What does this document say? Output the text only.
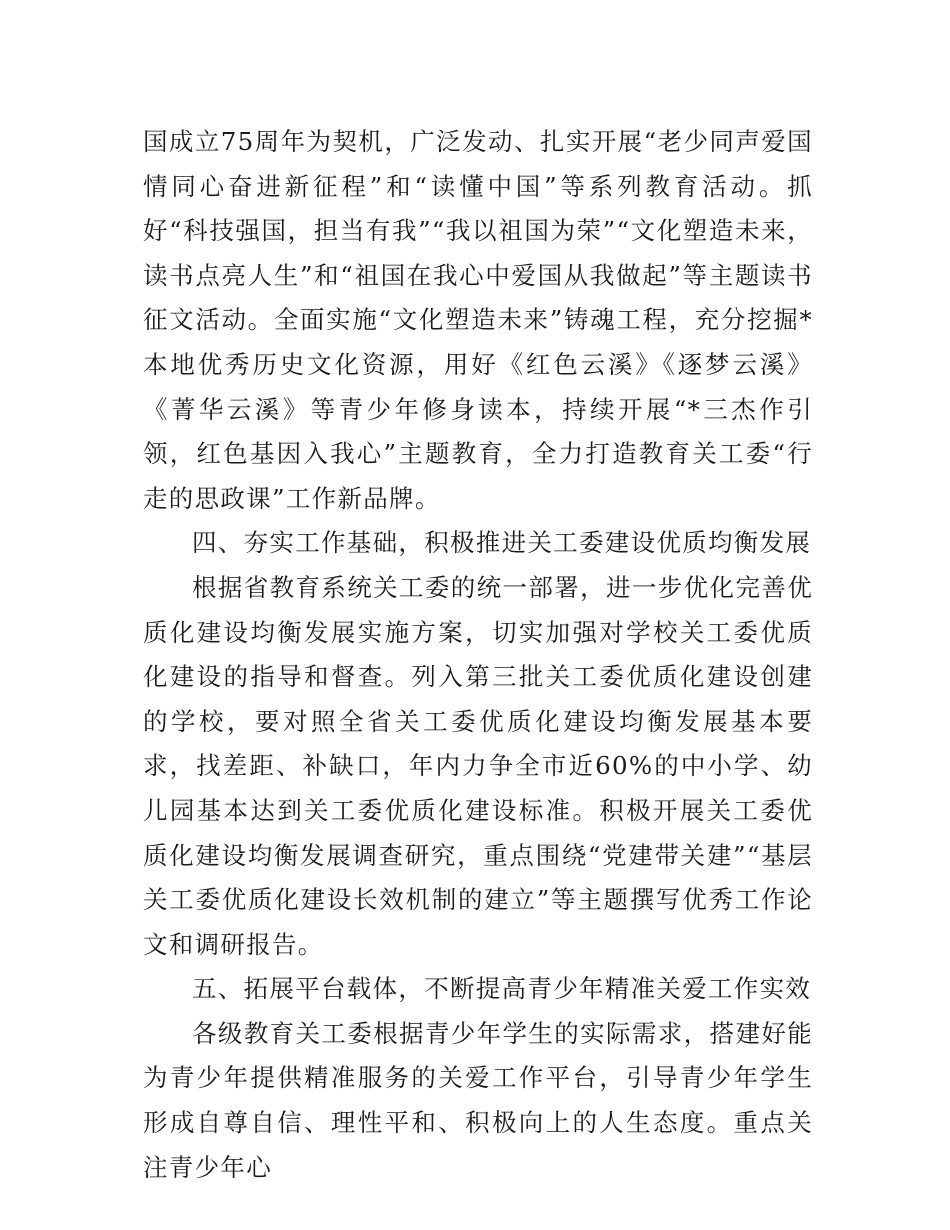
国成立75周年为契机，广泛发动、扎实开展“老少同声爱国情同心奋进新征程”和“读懂中国”等系列教育活动。抓好“科技强国，担当有我”“我以祖国为荣”“文化塑造未来，读书点亮人生”和“祖国在我心中爱国从我做起”等主题读书征文活动。全面实施“文化塑造未来”铸魂工程，充分挖掘*本地优秀历史文化资源，用好《红色云溪》《逐梦云溪》《菁华云溪》等青少年修身读本，持续开展“*三杰作引领，红色基因入我心”主题教育，全力打造教育关工委“行走的思政课”工作新品牌。

四、夯实工作基础，积极推进关工委建设优质均衡发展

根据省教育系统关工委的统一部署，进一步优化完善优质化建设均衡发展实施方案，切实加强对学校关工委优质化建设的指导和督查。列入第三批关工委优质化建设创建的学校，要对照全省关工委优质化建设均衡发展基本要求，找差距、补缺口，年内力争全市近60%的中小学、幼儿园基本达到关工委优质化建设标准。积极开展关工委优质化建设均衡发展调查研究，重点围绕“党建带关建”“基层关工委优质化建设长效机制的建立”等主题撰写优秀工作论文和调研报告。

五、拓展平台载体，不断提高青少年精准关爱工作实效

各级教育关工委根据青少年学生的实际需求，搭建好能为青少年提供精准服务的关爱工作平台，引导青少年学生形成自尊自信、理性平和、积极向上的人生态度。重点关注青少年心
